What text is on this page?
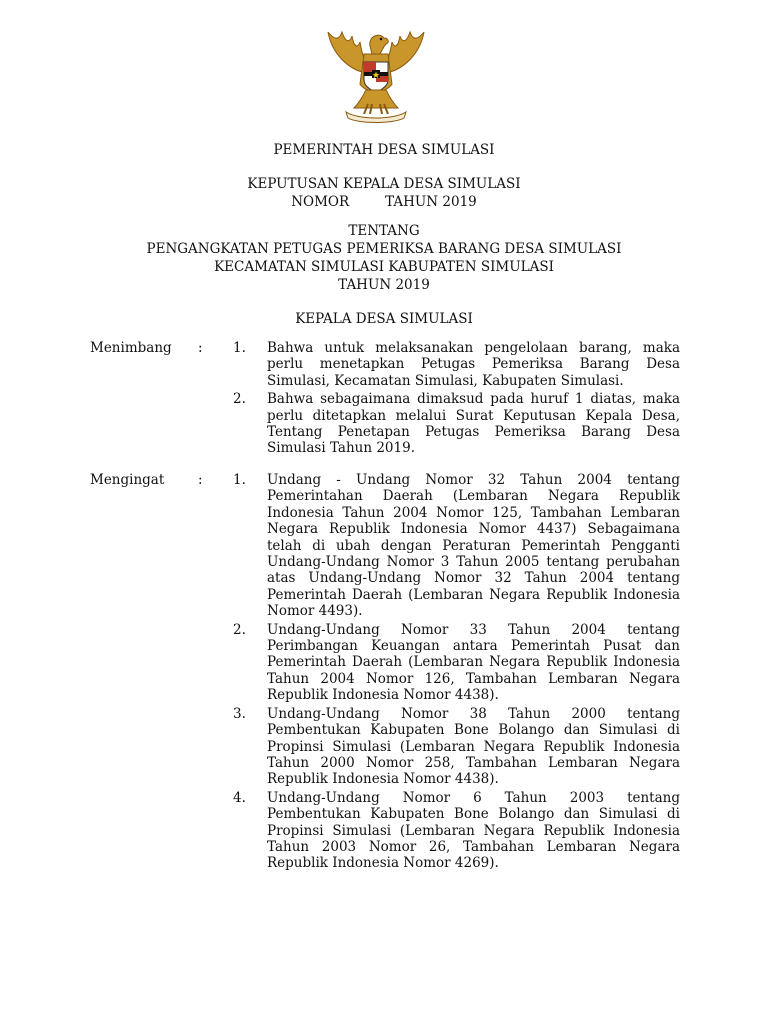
PEMERINTAH DESA SIMULASI
KEPUTUSAN KEPALA DESA SIMULASI
NOMOR	TAHUN 2019
TENTANG
PENGANGKATAN PETUGAS PEMERIKSA BARANG DESA SIMULASI
KECAMATAN SIMULASI KABUPATEN SIMULASI
TAHUN 2019
KEPALA DESA SIMULASI
Menimbang	: 1. Bahwa untuk melaksanakan pengelolaan barang, maka perlu menetapkan Petugas Pemeriksa Barang Desa Simulasi, Kecamatan Simulasi, Kabupaten Simulasi.
2. Bahwa sebagaimana dimaksud pada huruf 1 diatas, maka perlu ditetapkan melalui Surat Keputusan Kepala Desa, Tentang Penetapan Petugas Pemeriksa Barang Desa Simulasi Tahun 2019.
Mengingat	: 1. Undang - Undang Nomor 32 Tahun 2004 tentang Pemerintahan Daerah (Lembaran Negara Republik Indonesia Tahun 2004 Nomor 125, Tambahan Lembaran Negara Republik Indonesia Nomor 4437) Sebagaimana telah di ubah dengan Peraturan Pemerintah Pengganti Undang-Undang Nomor 3 Tahun 2005 tentang perubahan atas Undang-Undang Nomor 32 Tahun 2004 tentang Pemerintah Daerah (Lembaran Negara Republik Indonesia Nomor 4493).
2. Undang-Undang Nomor 33 Tahun 2004 tentang Perimbangan Keuangan antara Pemerintah Pusat dan Pemerintah Daerah (Lembaran Negara Republik Indonesia Tahun 2004 Nomor 126, Tambahan Lembaran Negara Republik Indonesia Nomor 4438).
3. Undang-Undang Nomor 38 Tahun 2000 tentang Pembentukan Kabupaten Bone Bolango dan Simulasi di Propinsi Simulasi (Lembaran Negara Republik Indonesia Tahun 2000 Nomor 258, Tambahan Lembaran Negara Republik Indonesia Nomor 4438).
4. Undang-Undang Nomor 6 Tahun 2003 tentang Pembentukan Kabupaten Bone Bolango dan Simulasi di Propinsi Simulasi (Lembaran Negara Republik Indonesia Tahun 2003 Nomor 26, Tambahan Lembaran Negara Republik Indonesia Nomor 4269).
